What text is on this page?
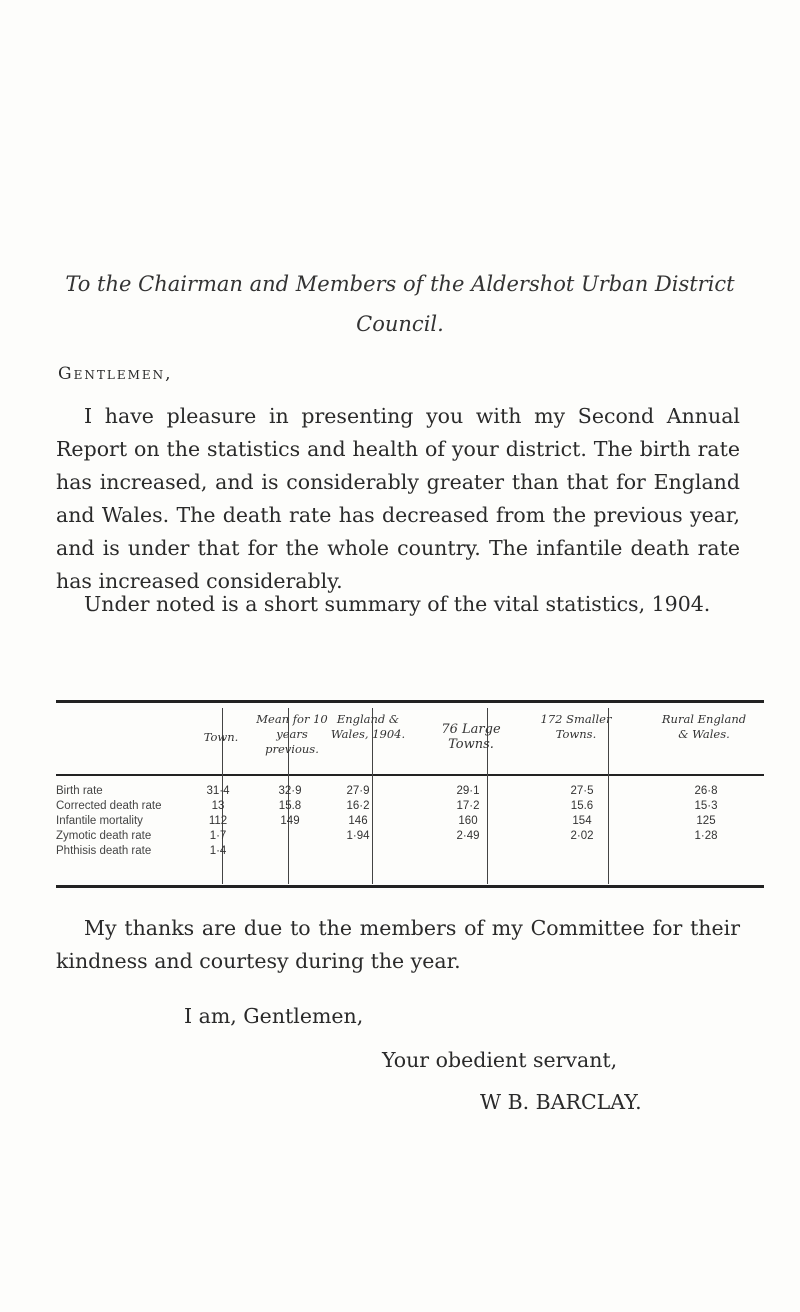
To the Chairman and Members of the Aldershot Urban District
Council.
Gentlemen,

I have pleasure in presenting you with my Second Annual Report on the statistics and health of your district. The birth rate has increased, and is considerably greater than that for England and Wales. The death rate has decreased from the previous year, and is under that for the whole country. The infantile death rate has increased considerably.

Under noted is a short summary of the vital statistics, 1904.

Town.
Mean for 10 years previous.
England & Wales, 1904.	76 Large Towns.
172 Smaller Towns.
Rural England & Wales.
Birth rate
Corrected death rate
Infantile mortality
Zymotic death rate
Phthisis death rate
31·4
13
112
1·7
1·4
32·9
15.8
149
27·9
16·2
146
1·94
29·1
17·2
160
2·49
27·5
15.6
154
2·02
26·8
15·3
125
1·28

My thanks are due to the members of my Committee for their kindness and courtesy during the year.

I am, Gentlemen,
Your obedient servant,
W B. BARCLAY.
